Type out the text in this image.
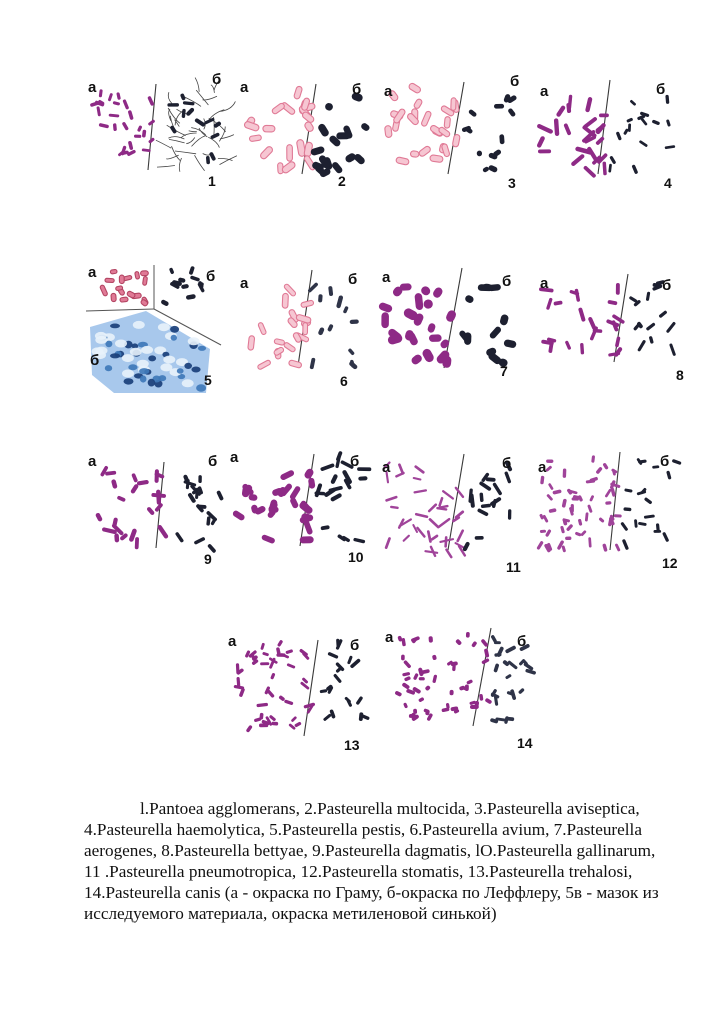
а	б
1
а	б
2
а
б
3
а	б
4
а	б
б
5
а	б
6
а	б
7
а	б
8
а	б
9
а	б
10
а	б
11
а	б
12
а	б
13
а	б
14

l.Pantoea agglomerans, 2.Pasteurella multocida, 3.Pasteurella aviseptica, 4.Pasteurella haemolytica, 5.Pasteurella pestis, 6.Pasteurella avium, 7.Pasteurella aerogenes, 8.Pasteurella bettyae, 9.Pasteurella dagmatis, lO.Pasteurella gallinarum, 11 .Pasteurella pneumotropica, 12.Pasteurella stomatis, 13.Pasteurella trehalosi, 14.Pasteurella canis (а - окраска по Граму, б-окраска по Леффлеру, 5в - мазок из исследуемого материала, окраска метиленовой синькой)
